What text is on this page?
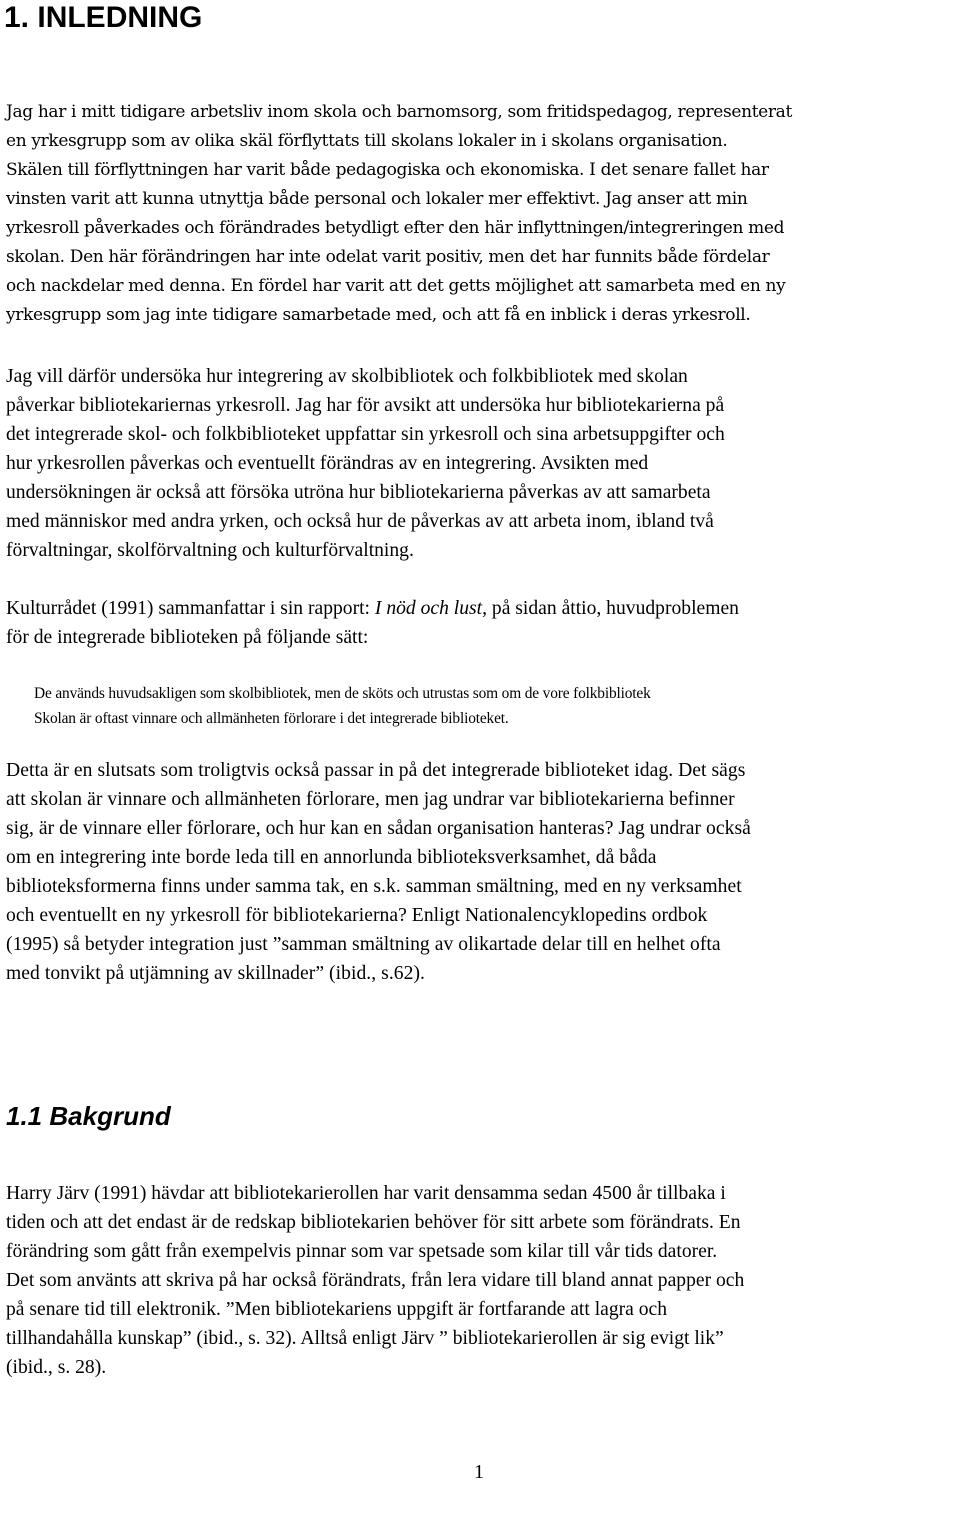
1. INLEDNING

Jag har i mitt tidigare arbetsliv inom skola och barnomsorg, som fritidspedagog, representerat
en yrkesgrupp som av olika skäl förflyttats till skolans lokaler in i skolans organisation.
Skälen till förflyttningen har varit både pedagogiska och ekonomiska. I det senare fallet har
vinsten varit att kunna utnyttja både personal och lokaler mer effektivt. Jag anser att min
yrkesroll påverkades och förändrades betydligt efter den här inflyttningen/integreringen med
skolan. Den här förändringen har inte odelat varit positiv, men det har funnits både fördelar
och nackdelar med denna. En fördel har varit att det getts möjlighet att samarbeta med en ny
yrkesgrupp som jag inte tidigare samarbetade med, och att få en inblick i deras yrkesroll.

Jag vill därför undersöka hur integrering av skolbibliotek och folkbibliotek med skolan
påverkar bibliotekariernas yrkesroll. Jag har för avsikt att undersöka hur bibliotekarierna på
det integrerade skol- och folkbiblioteket uppfattar sin yrkesroll och sina arbetsuppgifter och
hur yrkesrollen påverkas och eventuellt förändras av en integrering. Avsikten med
undersökningen är också att försöka utröna hur bibliotekarierna påverkas av att samarbeta
med människor med andra yrken, och också hur de påverkas av att arbeta inom, ibland två
förvaltningar, skolförvaltning och kulturförvaltning.

Kulturrådet (1991) sammanfattar i sin rapport: I nöd och lust, på sidan åttio, huvudproblemen
för de integrerade biblioteken på följande sätt:

De används huvudsakligen som skolbibliotek, men de sköts och utrustas som om de vore folkbibliotek
Skolan är oftast vinnare och allmänheten förlorare i det integrerade biblioteket.

Detta är en slutsats som troligtvis också passar in på det integrerade biblioteket idag. Det sägs
att skolan är vinnare och allmänheten förlorare, men jag undrar var bibliotekarierna befinner
sig, är de vinnare eller förlorare, och hur kan en sådan organisation hanteras? Jag undrar också
om en integrering inte borde leda till en annorlunda biblioteksverksamhet, då båda
biblioteksformerna finns under samma tak, en s.k. samman smältning, med en ny verksamhet
och eventuellt en ny yrkesroll för bibliotekarierna? Enligt Nationalencyklopedins ordbok
(1995) så betyder integration just ”samman smältning av olikartade delar till en helhet ofta
med tonvikt på utjämning av skillnader” (ibid., s.62).

1.1 Bakgrund

Harry Järv (1991) hävdar att bibliotekarierollen har varit densamma sedan 4500 år tillbaka i
tiden och att det endast är de redskap bibliotekarien behöver för sitt arbete som förändrats. En
förändring som gått från exempelvis pinnar som var spetsade som kilar till vår tids datorer.
Det som använts att skriva på har också förändrats, från lera vidare till bland annat papper och
på senare tid till elektronik. ”Men bibliotekariens uppgift är fortfarande att lagra och
tillhandahålla kunskap” (ibid., s. 32). Alltså enligt Järv ” bibliotekarierollen är sig evigt lik”
(ibid., s. 28).

1
